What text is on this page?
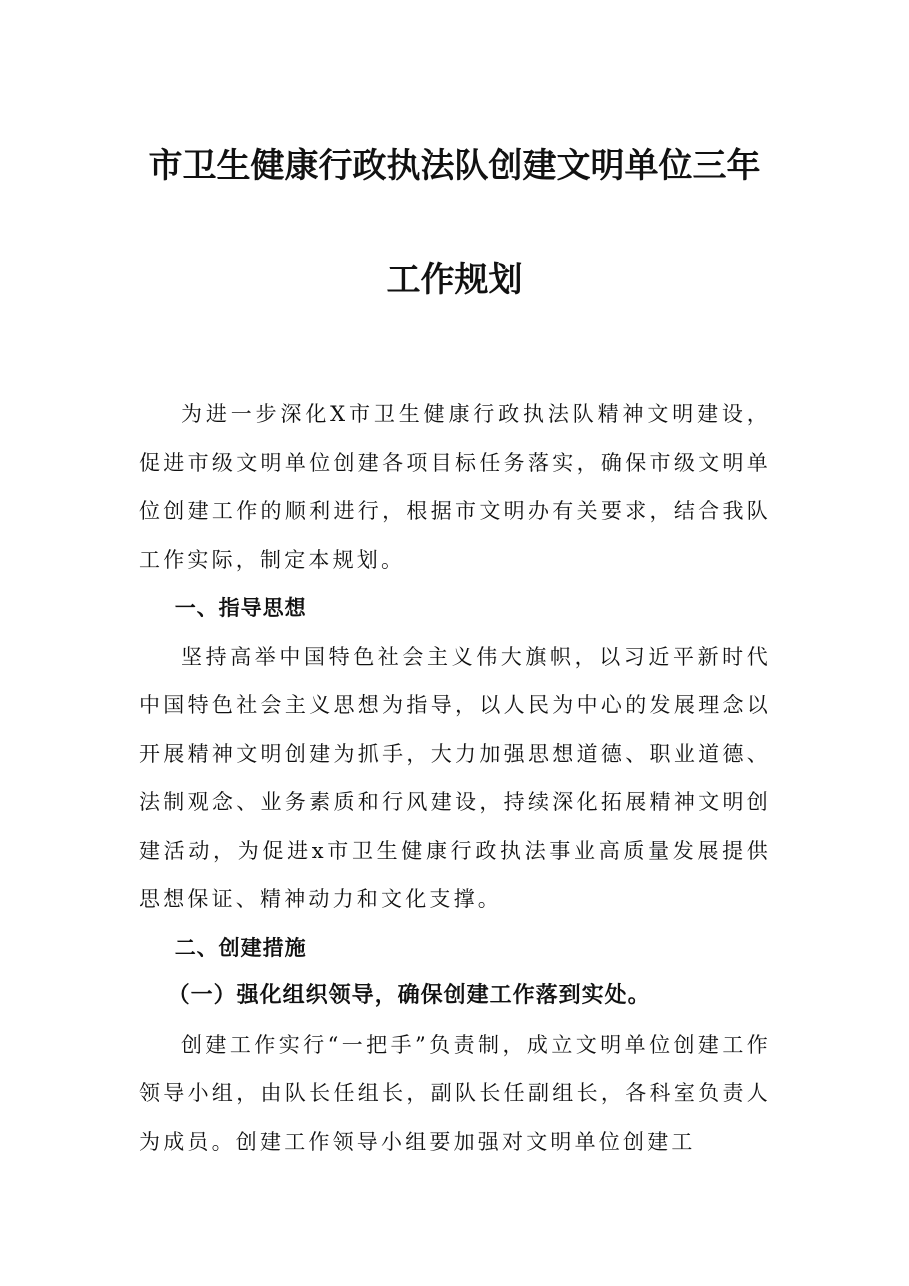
市卫生健康行政执法队创建文明单位三年
工作规划

为进一步深化X市卫生健康行政执法队精神文明建设，促进市级文明单位创建各项目标任务落实，确保市级文明单位创建工作的顺利进行，根据市文明办有关要求，结合我队工作实际，制定本规划。

一、指导思想

坚持高举中国特色社会主义伟大旗帜，以习近平新时代中国特色社会主义思想为指导，以人民为中心的发展理念以开展精神文明创建为抓手，大力加强思想道德、职业道德、法制观念、业务素质和行风建设，持续深化拓展精神文明创建活动，为促进x市卫生健康行政执法事业高质量发展提供思想保证、精神动力和文化支撑。

二、创建措施

（一）强化组织领导，确保创建工作落到实处。

创建工作实行“一把手”负责制，成立文明单位创建工作领导小组，由队长任组长，副队长任副组长，各科室负责人为成员。创建工作领导小组要加强对文明单位创建工
